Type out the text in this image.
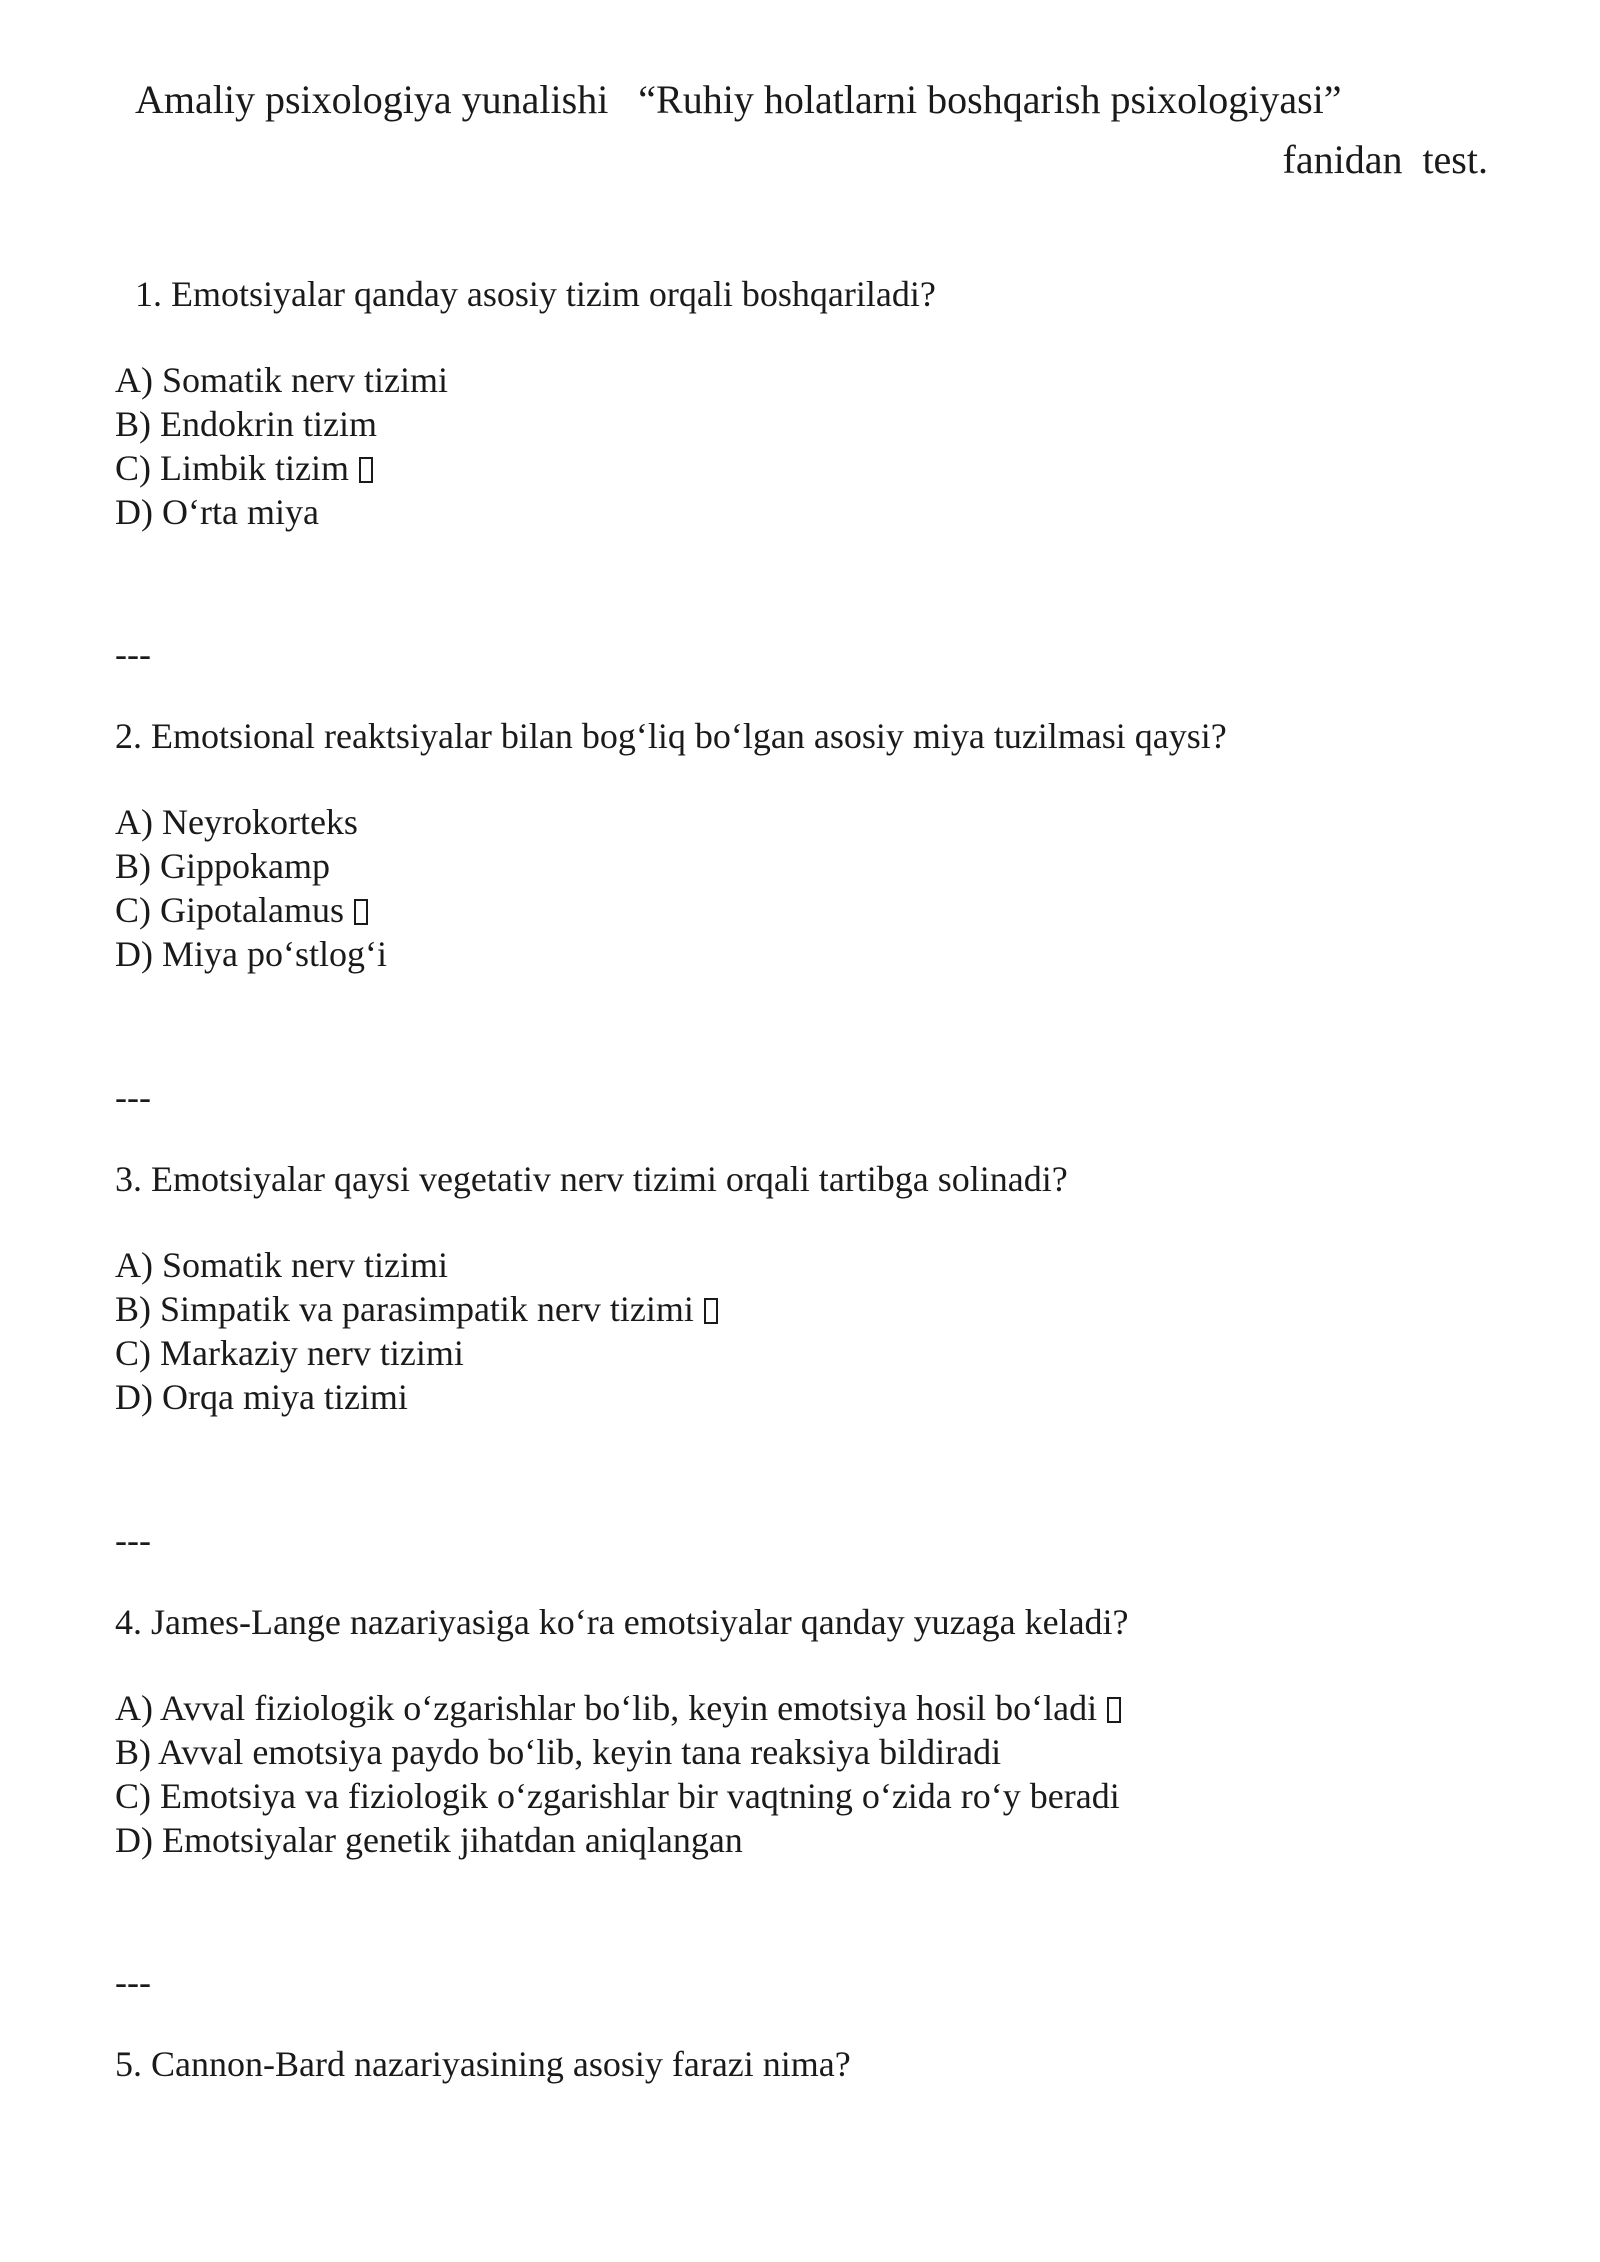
Amaliy psixologiya yunalishi   “Ruhiy holatlarni boshqarish psixologiyasi”
fanidan  test.

1. Emotsiyalar qanday asosiy tizim orqali boshqariladi?

A) Somatik nerv tizimi
B) Endokrin tizim
C) Limbik tizim
D) O‘rta miya
---

2. Emotsional reaktsiyalar bilan bog‘liq bo‘lgan asosiy miya tuzilmasi qaysi?

A) Neyrokorteks
B) Gippokamp
C) Gipotalamus
D) Miya po‘stlog‘i
---

3. Emotsiyalar qaysi vegetativ nerv tizimi orqali tartibga solinadi?

A) Somatik nerv tizimi
B) Simpatik va parasimpatik nerv tizimi
C) Markaziy nerv tizimi
D) Orqa miya tizimi
---

4. James-Lange nazariyasiga ko‘ra emotsiyalar qanday yuzaga keladi?

A) Avval fiziologik o‘zgarishlar bo‘lib, keyin emotsiya hosil bo‘ladi
B) Avval emotsiya paydo bo‘lib, keyin tana reaksiya bildiradi
C) Emotsiya va fiziologik o‘zgarishlar bir vaqtning o‘zida ro‘y beradi
D) Emotsiyalar genetik jihatdan aniqlangan
---

5. Cannon-Bard nazariyasining asosiy farazi nima?
